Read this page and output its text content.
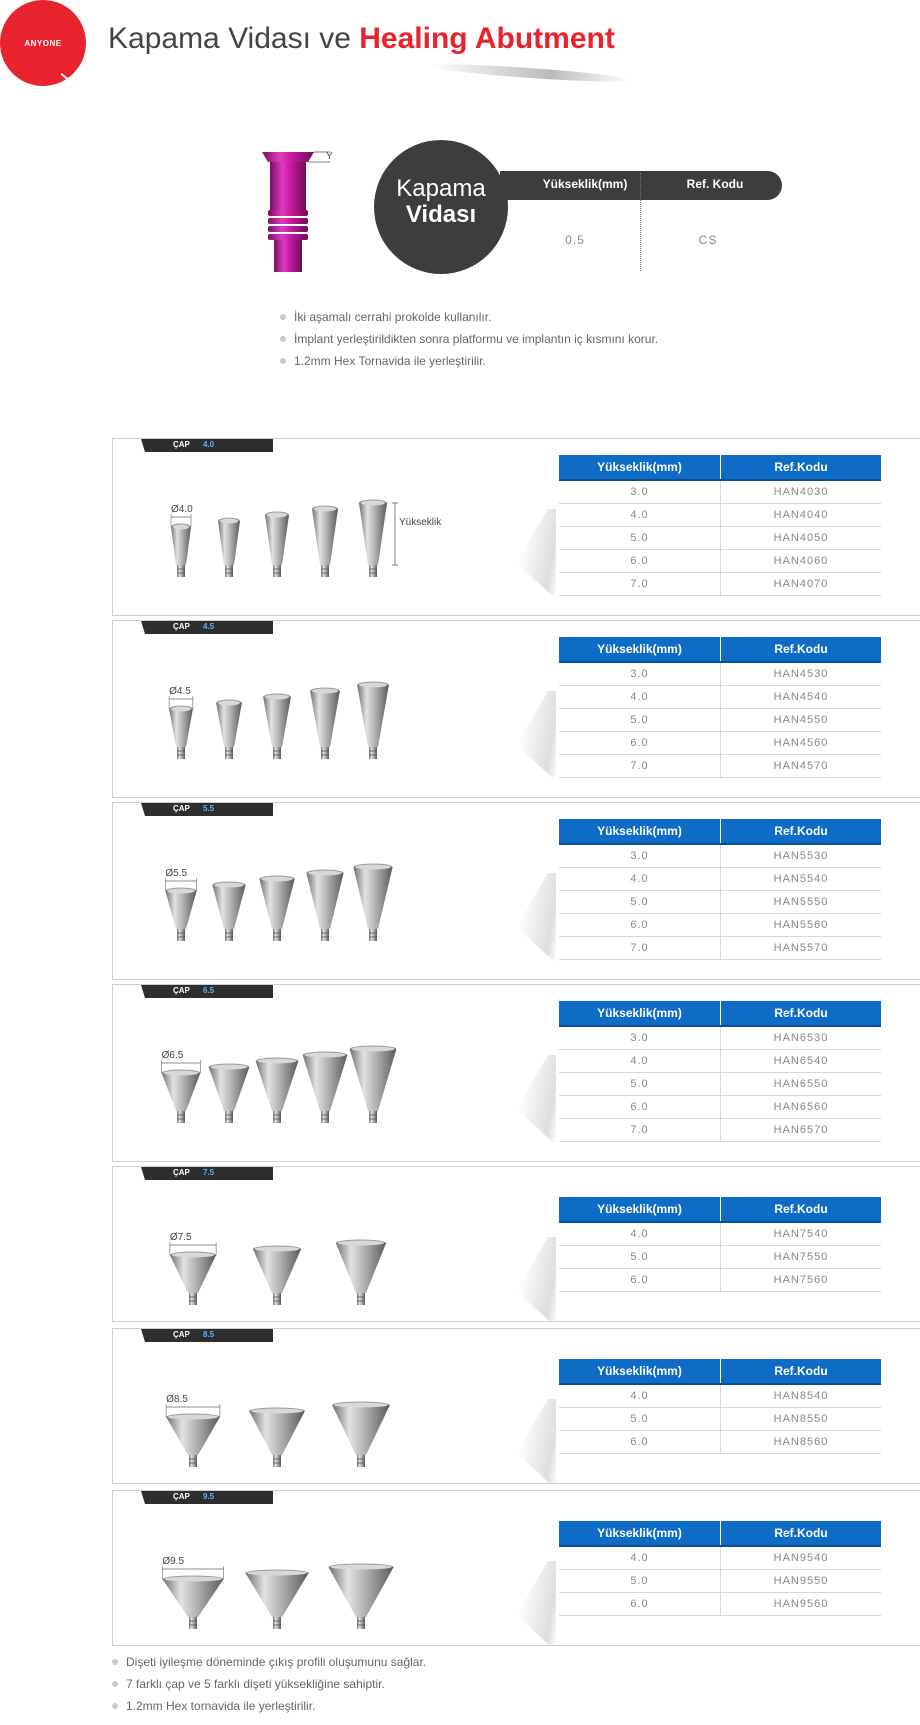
ANYONE Kapama Vidası ve Healing Abutment
Y
Kapama
Vidası
Yükseklik(mm)	Ref. Kodu
0.5	CS
İki aşamalı cerrahi prokolde kullanılır.
İmplant yerleştirildikten sonra platformu ve implantın iç kısmını korur.
1.2mm Hex Tornavida ile yerleştirilir.
ÇAP 4.0
Ø4.0
Yükseklik
Yükseklik(mm)	Ref.Kodu
3.0	HAN4030
4.0	HAN4040
5.0	HAN4050
6.0	HAN4060
7.0	HAN4070
ÇAP 4.5
Ø4.5
Yükseklik(mm)	Ref.Kodu
3.0	HAN4530
4.0	HAN4540
5.0	HAN4550
6.0	HAN4560
7.0	HAN4570
ÇAP 5.5
Ø5.5
Yükseklik(mm)	Ref.Kodu
3.0	HAN5530
4.0	HAN5540
5.0	HAN5550
6.0	HAN5560
7.0	HAN5570
ÇAP 6.5
Ø6.5
Yükseklik(mm)	Ref.Kodu
3.0	HAN6530
4.0	HAN6540
5.0	HAN6550
6.0	HAN6560
7.0	HAN6570
ÇAP 7.5
Ø7.5
Yükseklik(mm)	Ref.Kodu
4.0	HAN7540
5.0	HAN7550
6.0	HAN7560
ÇAP 8.5
Ø8.5
Yükseklik(mm)	Ref.Kodu
4.0	HAN8540
5.0	HAN8550
6.0	HAN8560
ÇAP 9.5
Ø9.5
Yükseklik(mm)	Ref.Kodu
4.0	HAN9540
5.0	HAN9550
6.0	HAN9560
Dişeti iyileşme döneminde çıkış profili oluşumunu sağlar.
7 farklı çap ve 5 farklı dişeti yüksekliğine sahiptir.
1.2mm Hex tornavida ile yerleştirilir.
